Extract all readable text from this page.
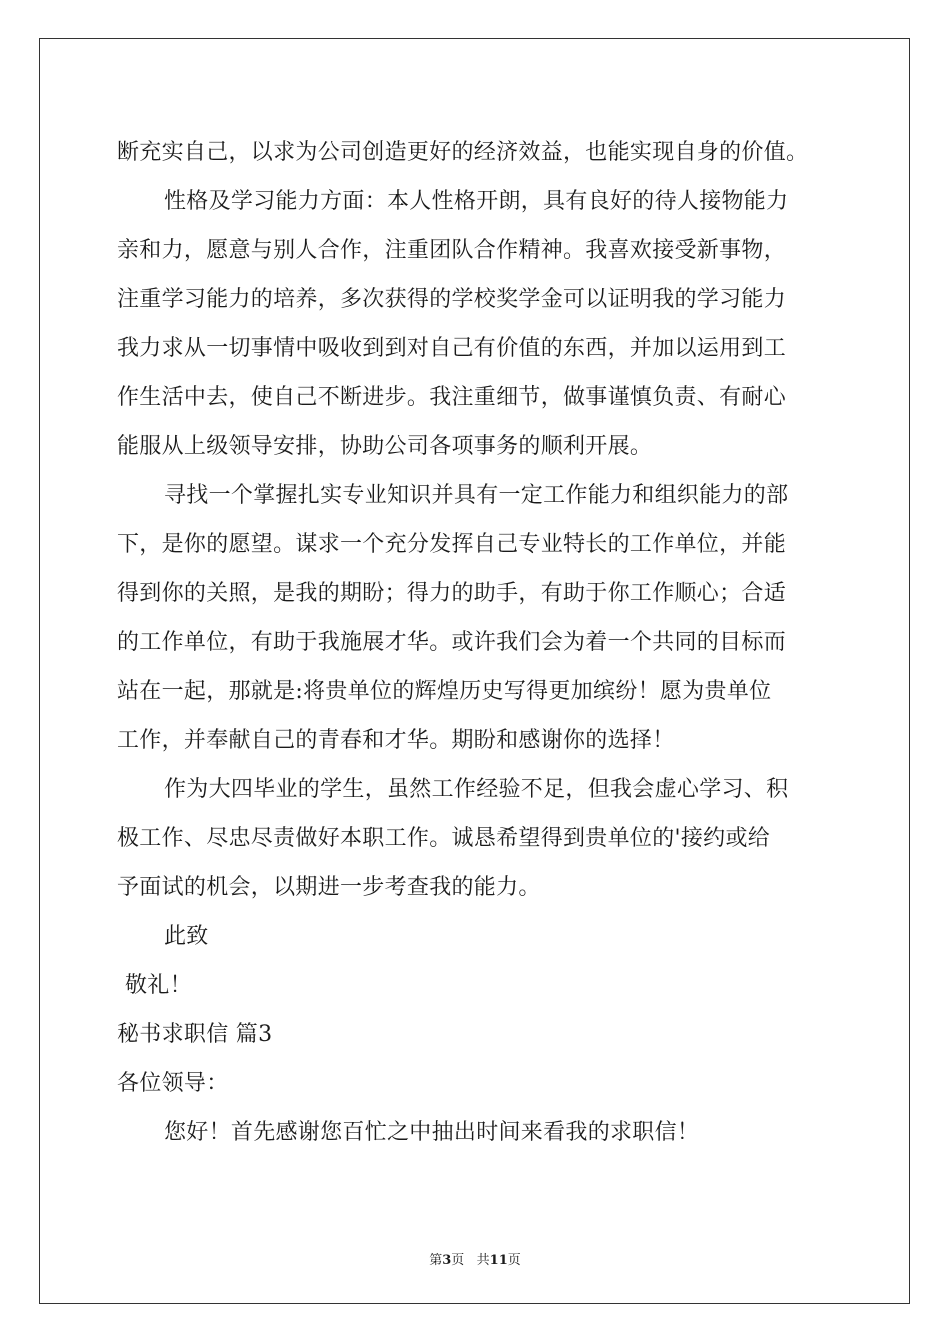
断充实自己，以求为公司创造更好的经济效益，也能实现自身的价值。
性格及学习能力方面：本人性格开朗，具有良好的待人接物能力
亲和力，愿意与别人合作，注重团队合作精神。我喜欢接受新事物，
注重学习能力的培养，多次获得的学校奖学金可以证明我的学习能力
我力求从一切事情中吸收到到对自己有价值的东西，并加以运用到工
作生活中去，使自己不断进步。我注重细节，做事谨慎负责、有耐心
能服从上级领导安排，协助公司各项事务的顺利开展。
寻找一个掌握扎实专业知识并具有一定工作能力和组织能力的部
下，是你的愿望。谋求一个充分发挥自己专业特长的工作单位，并能
得到你的关照，是我的期盼；得力的助手，有助于你工作顺心；合适
的工作单位，有助于我施展才华。或许我们会为着一个共同的目标而
站在一起，那就是:将贵单位的辉煌历史写得更加缤纷！愿为贵单位
工作，并奉献自己的青春和才华。期盼和感谢你的选择！
作为大四毕业的学生，虽然工作经验不足，但我会虚心学习、积
极工作、尽忠尽责做好本职工作。诚恳希望得到贵单位的'接约或给
予面试的机会，以期进一步考查我的能力。
此致
敬礼！
秘书求职信 篇3
各位领导：
您好！首先感谢您百忙之中抽出时间来看我的求职信！
第3页   共11页
